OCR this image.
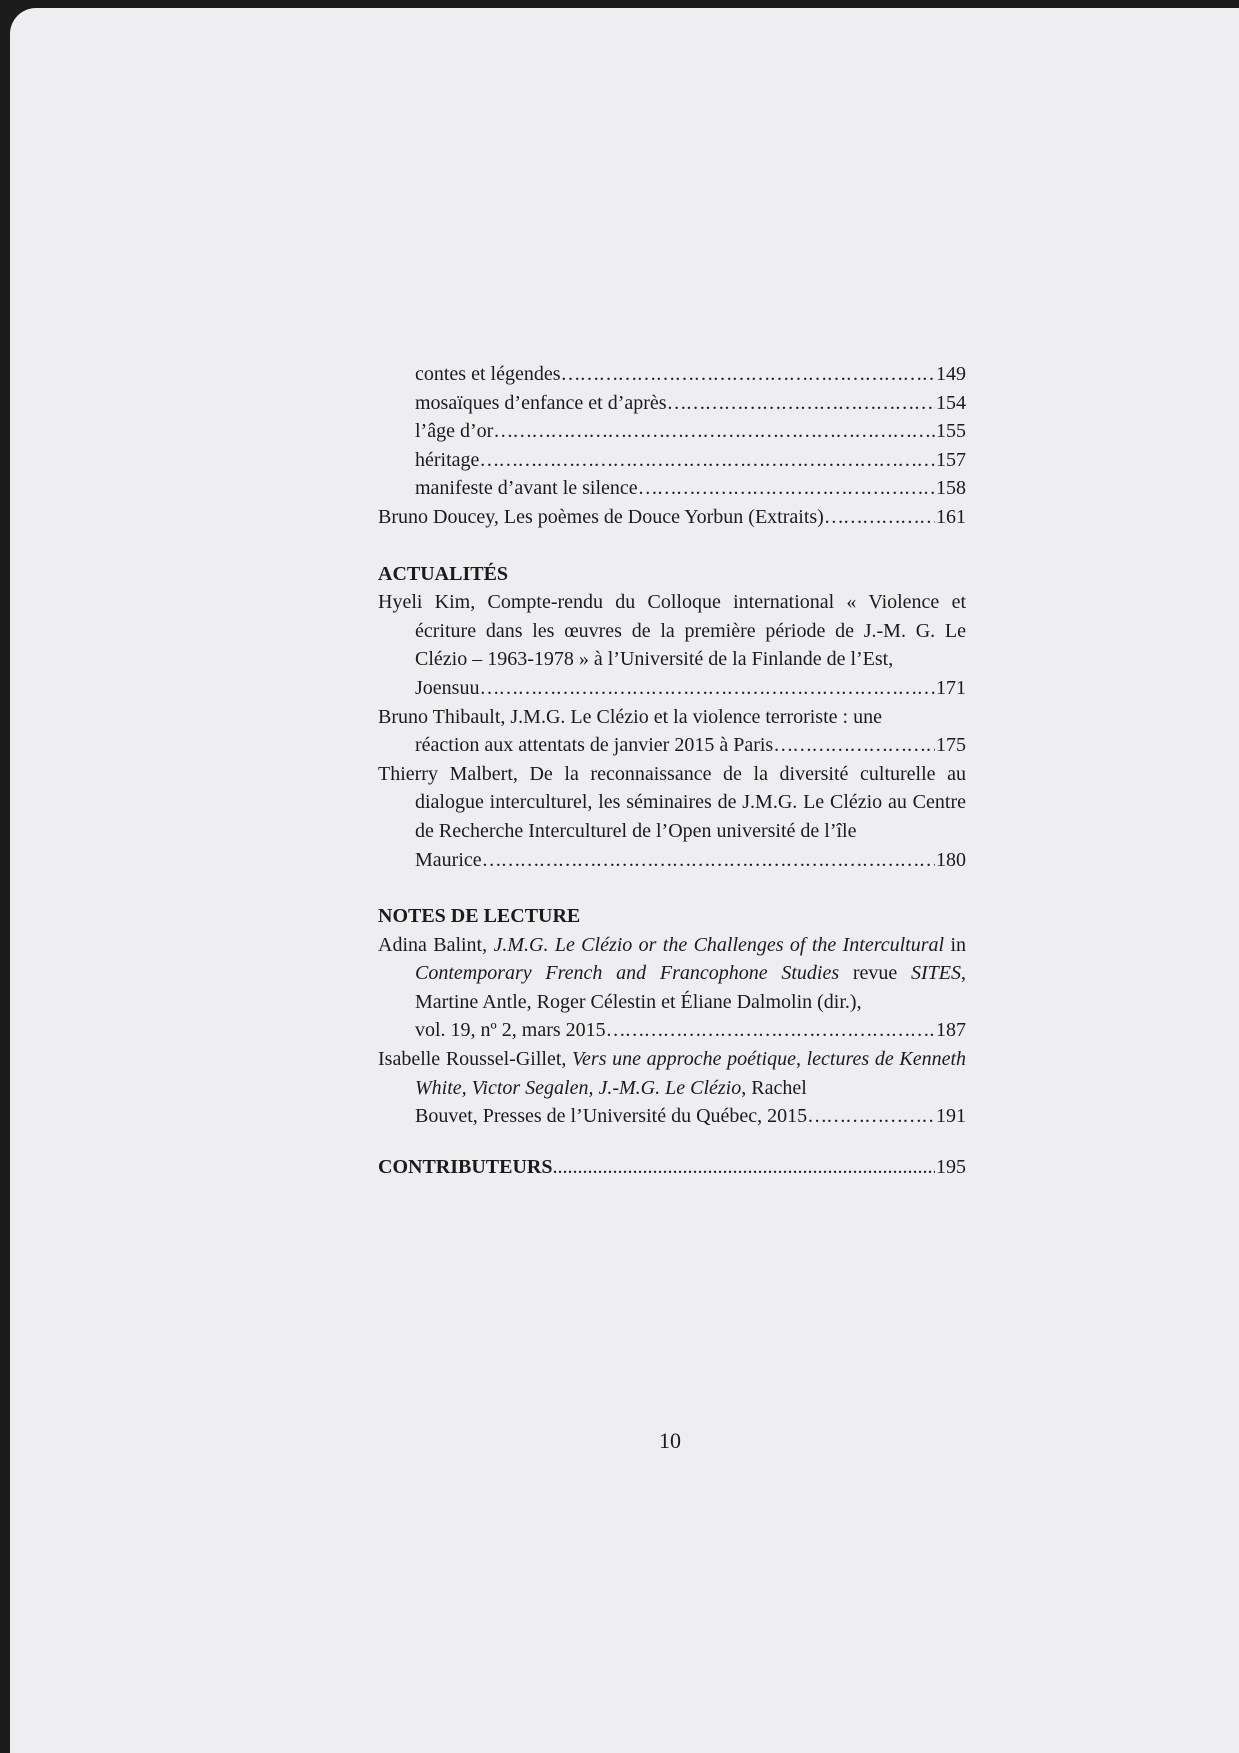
contes et légendes …………………………………………………………………………………………………………………………………………………………	149
mosaïques d’enfance et d’après …………………………………………………………………………………………………………………………………………………………	154
l’âge d’or …………………………………………………………………………………………………………………………………………………………	155
héritage …………………………………………………………………………………………………………………………………………………………	157
manifeste d’avant le silence …………………………………………………………………………………………………………………………………………………………	158
Bruno Doucey, Les poèmes de Douce Yorbun (Extraits) …………………………………………………………………………………………………………………………………………………………	161
ACTUALITÉS
Hyeli Kim, Compte-rendu du Colloque international « Violence et écriture dans les œuvres de la première période de J.-M. G. Le Clézio – 1963-1978 » à l’Université de la Finlande de l’Est,
Joensuu …………………………………………………………………………………………………………………………………………………………	171
Bruno Thibault, J.M.G. Le Clézio et la violence terroriste : une
réaction aux attentats de janvier 2015 à Paris …………………………………………………………………………………………………………………………………………………………	175
Thierry Malbert, De la reconnaissance de la diversité culturelle au dialogue interculturel, les séminaires de J.M.G. Le Clézio au Centre de Recherche Interculturel de l’Open université de l’île
Maurice …………………………………………………………………………………………………………………………………………………………	180
NOTES DE LECTURE
Adina Balint, J.M.G. Le Clézio or the Challenges of the Intercultural in Contemporary French and Francophone Studies revue SITES, Martine Antle, Roger Célestin et Éliane Dalmolin (dir.),
vol. 19, nº 2, mars 2015 …………………………………………………………………………………………………………………………………………………………	187
Isabelle Roussel-Gillet, Vers une approche poétique, lectures de Kenneth White, Victor Segalen, J.-M.G. Le Clézio, Rachel
Bouvet, Presses de l’Université du Québec, 2015 …………………………………………………………………………………………………………………………………………………………	191
CONTRIBUTEURS .....	195
10
